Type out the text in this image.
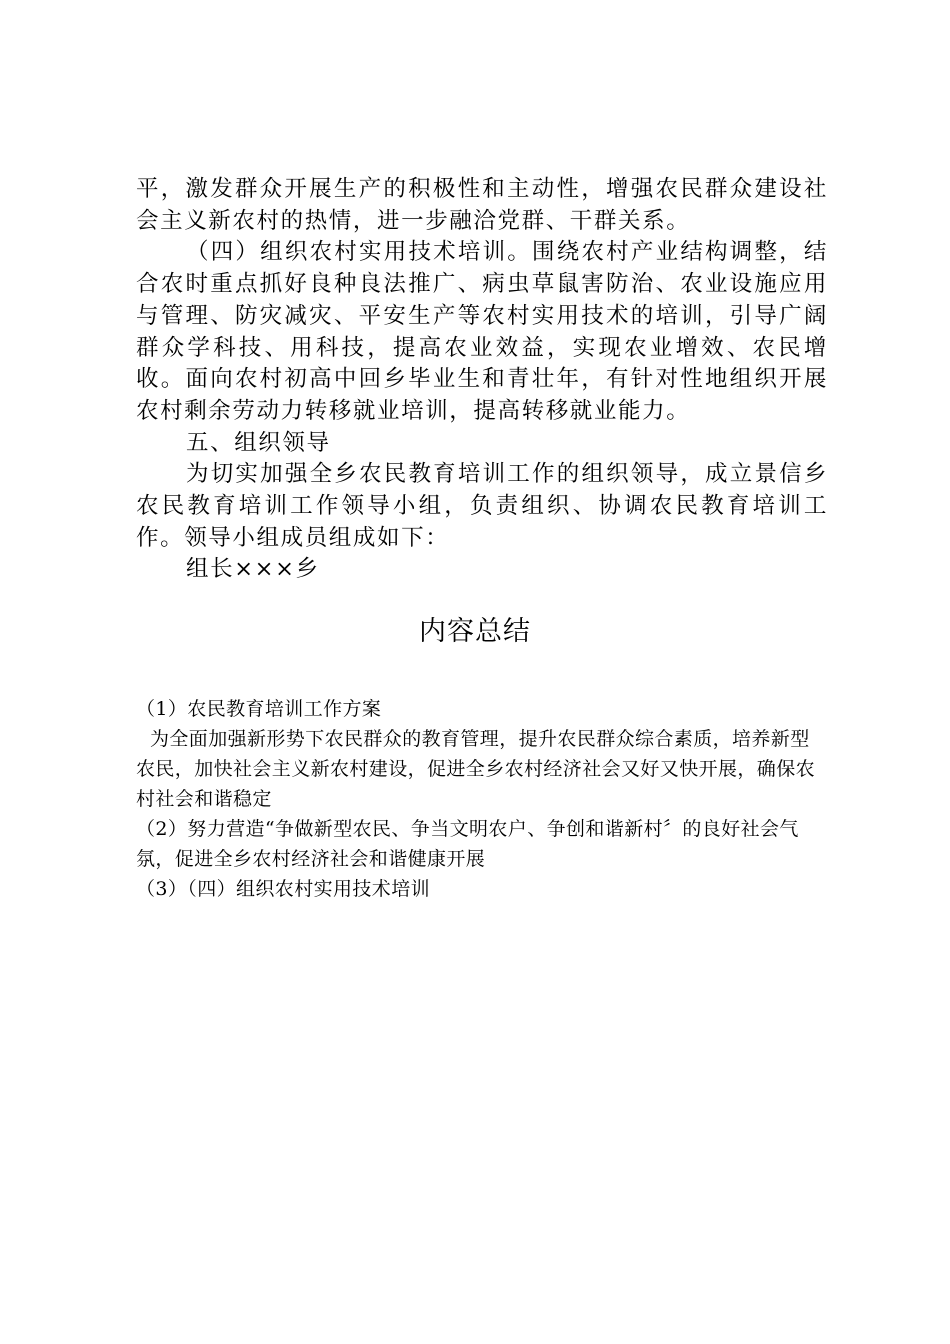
平，激发群众开展生产的积极性和主动性，增强农民群众建设社会主义新农村的热情，进一步融洽党群、干群关系。

（四）组织农村实用技术培训。围绕农村产业结构调整，结合农时重点抓好良种良法推广、病虫草鼠害防治、农业设施应用与管理、防灾减灾、平安生产等农村实用技术的培训，引导广阔群众学科技、用科技，提高农业效益，实现农业增效、农民增收。面向农村初高中回乡毕业生和青壮年，有针对性地组织开展农村剩余劳动力转移就业培训，提高转移就业能力。

五、组织领导

为切实加强全乡农民教育培训工作的组织领导，成立景信乡农民教育培训工作领导小组，负责组织、协调农民教育培训工作。领导小组成员组成如下：

组长×××乡

内容总结

（1）农民教育培训工作方案

为全面加强新形势下农民群众的教育管理，提升农民群众综合素质，培养新型农民，加快社会主义新农村建设，促进全乡农村经济社会又好又快开展，确保农村社会和谐稳定

（2）努力营造“争做新型农民、争当文明农户、争创和谐新村〞的良好社会气氛，促进全乡农村经济社会和谐健康开展

（3）（四）组织农村实用技术培训
